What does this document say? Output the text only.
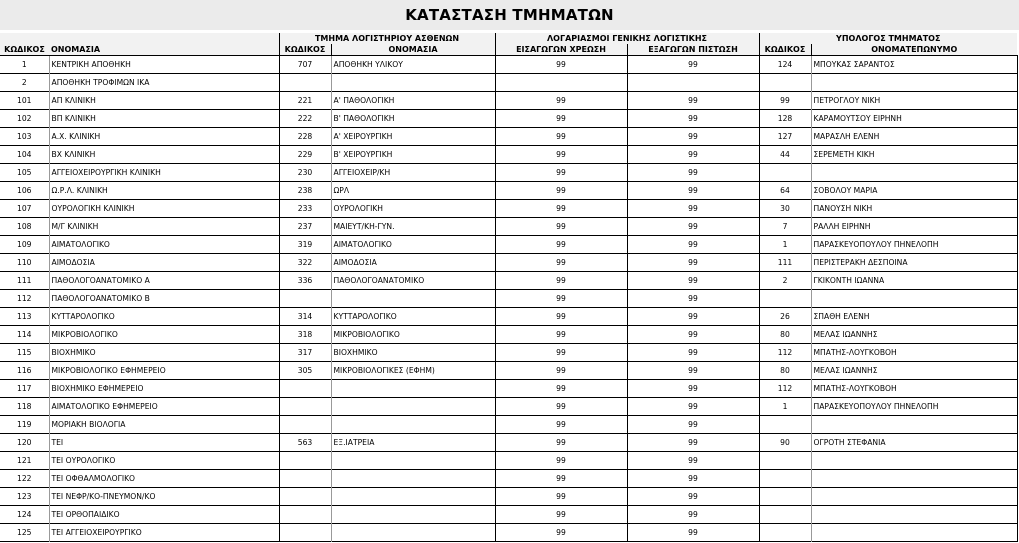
ΚΑΤΑΣΤΑΣΗ ΤΜΗΜΑΤΩΝ
		ΤΜΗΜΑ ΛΟΓΙΣΤΗΡΙΟΥ ΑΣΘΕΝΩΝ		ΛΟΓΑΡΙΑΣΜΟΙ ΓΕΝΙΚΗΣ ΛΟΓΙΣΤΙΚΗΣ		ΥΠΟΛΟΓΟΣ ΤΜΗΜΑΤΟΣ	
ΚΩΔΙΚΟΣ	ΟΝΟΜΑΣΙΑ	ΚΩΔΙΚΟΣ	ΟΝΟΜΑΣΙΑ	ΕΙΣΑΓΩΓΩΝ ΧΡΕΩΣΗ	ΕΞΑΓΩΓΩΝ ΠΙΣΤΩΣΗ	ΚΩΔΙΚΟΣ	ΟΝΟΜΑΤΕΠΩΝΥΜΟ
1	ΚΕΝΤΡΙΚΗ ΑΠΟΘΗΚΗ	707	ΑΠΟΘΗΚΗ ΥΛΙΚΟΥ	99	99	124	ΜΠΟΥΚΑΣ ΣΑΡΑΝΤΟΣ
2	ΑΠΟΘΗΚΗ ΤΡΟΦΙΜΩΝ ΙΚΑ						
101	ΑΠ ΚΛΙΝΙΚΗ	221	Α' ΠΑΘΟΛΟΓΙΚΗ	99	99	99	ΠΕΤΡΟΓΛΟΥ ΝΙΚΗ
102	ΒΠ ΚΛΙΝΙΚΗ	222	Β' ΠΑΘΟΛΟΓΙΚΗ	99	99	128	ΚΑΡΑΜΟΥΤΣΟΥ ΕΙΡΗΝΗ
103	Α.Χ. ΚΛΙΝΙΚΗ	228	Α' ΧΕΙΡΟΥΡΓΙΚΗ	99	99	127	ΜΑΡΑΣΛΗ ΕΛΕΝΗ
104	ΒΧ ΚΛΙΝΙΚΗ	229	Β' ΧΕΙΡΟΥΡΓΙΚΗ	99	99	44	ΣΕΡΕΜΕΤΗ ΚΙΚΗ
105	ΑΓΓΕΙΟΧΕΙΡΟΥΡΓΙΚΗ ΚΛΙΝΙΚΗ	230	ΑΓΓΕΙΟΧΕΙΡ/ΚΗ	99	99		
106	Ω.Ρ.Λ. ΚΛΙΝΙΚΗ	238	ΩΡΛ	99	99	64	ΣΟΒΟΛΟΥ ΜΑΡΙΑ
107	ΟΥΡΟΛΟΓΙΚΗ ΚΛΙΝΙΚΗ	233	ΟΥΡΟΛΟΓΙΚΗ	99	99	30	ΠΑΝΟΥΣΗ ΝΙΚΗ
108	Μ/Γ ΚΛΙΝΙΚΗ	237	ΜΑΙΕΥΤ/ΚΗ-ΓΥΝ.	99	99	7	ΡΑΛΛΗ ΕΙΡΗΝΗ
109	ΑΙΜΑΤΟΛΟΓΙΚΟ	319	ΑΙΜΑΤΟΛΟΓΙΚΟ	99	99	1	ΠΑΡΑΣΚΕΥΟΠΟΥΛΟΥ ΠΗΝΕΛΟΠΗ
110	ΑΙΜΟΔΟΣΙΑ	322	ΑΙΜΟΔΟΣΙΑ	99	99	111	ΠΕΡΙΣΤΕΡΑΚΗ ΔΕΣΠΟΙΝΑ
111	ΠΑΘΟΛΟΓΟΑΝΑΤΟΜΙΚΟ Α	336	ΠΑΘΟΛΟΓΟΑΝΑΤΟΜΙΚΟ	99	99	2	ΓΚΙΚΟΝΤΗ ΙΩΑΝΝΑ
112	ΠΑΘΟΛΟΓΟΑΝΑΤΟΜΙΚΟ Β			99	99		
113	ΚΥΤΤΑΡΟΛΟΓΙΚΟ	314	ΚΥΤΤΑΡΟΛΟΓΙΚΟ	99	99	26	ΣΠΑΘΗ ΕΛΕΝΗ
114	ΜΙΚΡΟΒΙΟΛΟΓΙΚΟ	318	ΜΙΚΡΟΒΙΟΛΟΓΙΚΟ	99	99	80	ΜΕΛΑΣ ΙΩΑΝΝΗΣ
115	ΒΙΟΧΗΜΙΚΟ	317	ΒΙΟΧΗΜΙΚΟ	99	99	112	ΜΠΑΤΗΣ-ΛΟΥΓΚΟΒΟΗ
116	ΜΙΚΡΟΒΙΟΛΟΓΙΚΟ ΕΦΗΜΕΡΕΙΟ	305	ΜΙΚΡΟΒΙΟΛΟΓΙΚΕΣ (ΕΦΗΜ)	99	99	80	ΜΕΛΑΣ ΙΩΑΝΝΗΣ
117	ΒΙΟΧΗΜΙΚΟ ΕΦΗΜΕΡΕΙΟ			99	99	112	ΜΠΑΤΗΣ-ΛΟΥΓΚΟΒΟΗ
118	ΑΙΜΑΤΟΛΟΓΙΚΟ ΕΦΗΜΕΡΕΙΟ			99	99	1	ΠΑΡΑΣΚΕΥΟΠΟΥΛΟΥ ΠΗΝΕΛΟΠΗ
119	ΜΟΡΙΑΚΗ ΒΙΟΛΟΓΙΑ			99	99		
120	ΤΕΙ	563	ΕΞ.ΙΑΤΡΕΙΑ	99	99	90	ΟΓΡΟΤΗ ΣΤΕΦΑΝΙΑ
121	ΤΕΙ ΟΥΡΟΛΟΓΙΚΟ			99	99		
122	ΤΕΙ ΟΦΘΑΛΜΟΛΟΓΙΚΟ			99	99		
123	ΤΕΙ ΝΕΦΡ/ΚΟ-ΠΝΕΥΜΟΝ/ΚΟ			99	99		
124	ΤΕΙ ΟΡΘΟΠΑΙΔΙΚΟ			99	99		
125	ΤΕΙ ΑΓΓΕΙΟΧΕΙΡΟΥΡΓΙΚΟ			99	99		
